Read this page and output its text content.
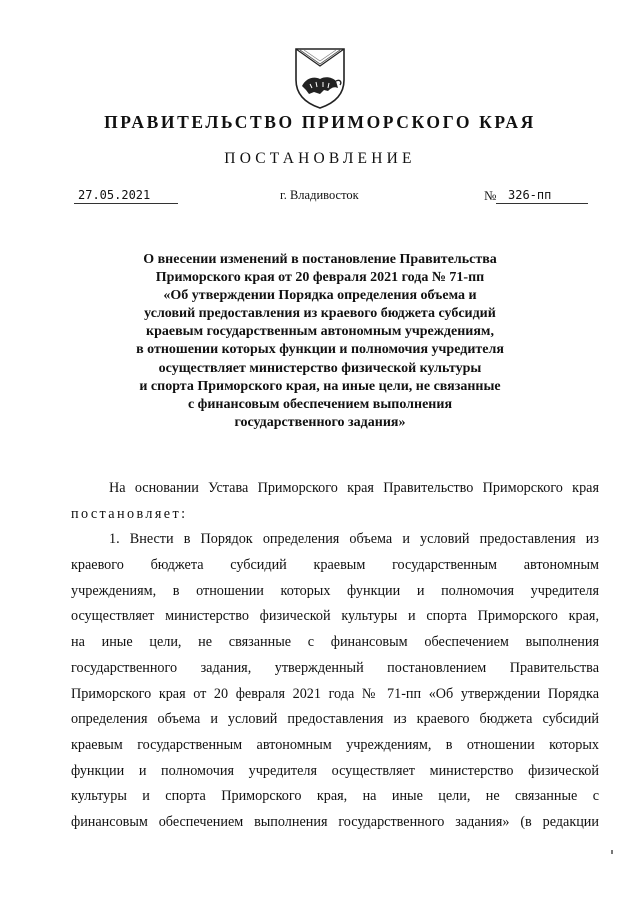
ПРАВИТЕЛЬСТВО ПРИМОРСКОГО КРАЯ
ПОСТАНОВЛЕНИЕ
27.05.2021	г. Владивосток	№ 326-пп
О внесении изменений в постановление Правительства
Приморского края от 20 февраля 2021 года № 71-пп
«Об утверждении Порядка определения объема и
условий предоставления из краевого бюджета субсидий
краевым государственным автономным учреждениям,
в отношении которых функции и полномочия учредителя
осуществляет министерство физической культуры
и спорта Приморского края, на иные цели, не связанные
с финансовым обеспечением выполнения
государственного задания»
На основании Устава Приморского края Правительство Приморского края
постановляет:
1. Внести в Порядок определения объема и условий предоставления из
краевого бюджета субсидий краевым государственным автономным
учреждениям, в отношении которых функции и полномочия учредителя
осуществляет министерство физической культуры и спорта Приморского края,
на иные цели, не связанные с финансовым обеспечением выполнения
государственного задания, утвержденный постановлением Правительства
Приморского края от 20 февраля 2021 года № 71-пп «Об утверждении Порядка
определения объема и условий предоставления из краевого бюджета субсидий
краевым государственным автономным учреждениям, в отношении которых
функции и полномочия учредителя осуществляет министерство физической
культуры и спорта Приморского края, на иные цели, не связанные с
финансовым обеспечением выполнения государственного задания» (в редакции
